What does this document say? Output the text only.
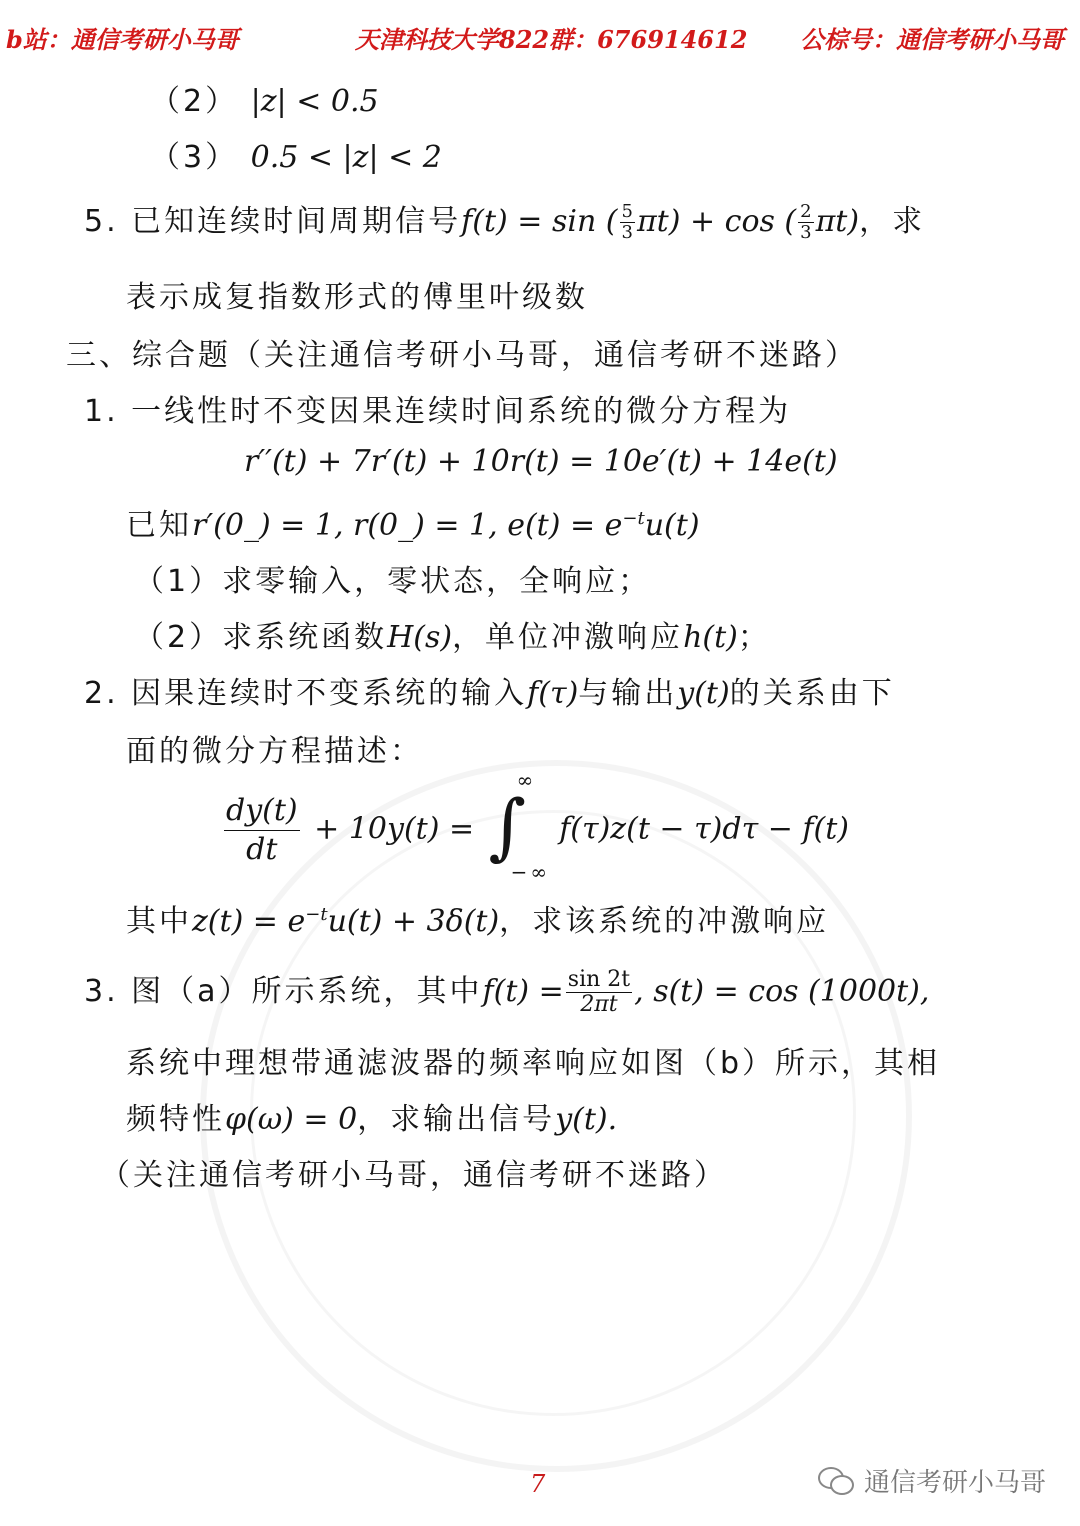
b站：通信考研小马哥	天津科技大学822群：676914612 公棕号：通信考研小马哥
（2） |z| < 0.5
（3） 0.5 < |z| < 2
5. 已知连续时间周期信号f(t) = sin ( $\frac{5}{3} \pi t) + \cos$ ( $\frac{2}{3} \pi t$)，求
表示成复指数形式的傅里叶级数
三、综合题（关注通信考研小马哥，通信考研不迷路）
1. 一线性时不变因果连续时间系统的微分方程为
r′′(t) + 7r′(t) + 10r(t) = 10e′(t) + 14e(t)
已知r′(0_) = 1, r(0_) = 1, $e(t) = e^{-t}u(t)$
（1）求零输入，零状态，全响应；
（2）求系统函数H(s)，单位冲激响应h(t)；
2. 因果连续时不变系统的输入f(τ)与输出y(t)的关系由下
面的微分方程描述：
$\frac{dy(t)}{dt} + 10y(t)$ = ∫
∞
−∞
f(τ)z(t − τ)dτ − f(t)
其中$z(t) = e^{-t}u(t) + 3\delta(t)$，求该系统的冲激响应
3. 图（a）所示系统，其中$f(t) = \frac{\sin 2t}{2\pi t}$ , s(t) = cos (1000t),
系统中理想带通滤波器的频率响应如图（b）所示，其相
频特性φ(ω) = 0，求输出信号y(t).
（关注通信考研小马哥，通信考研不迷路）
7	通信考研小马哥
